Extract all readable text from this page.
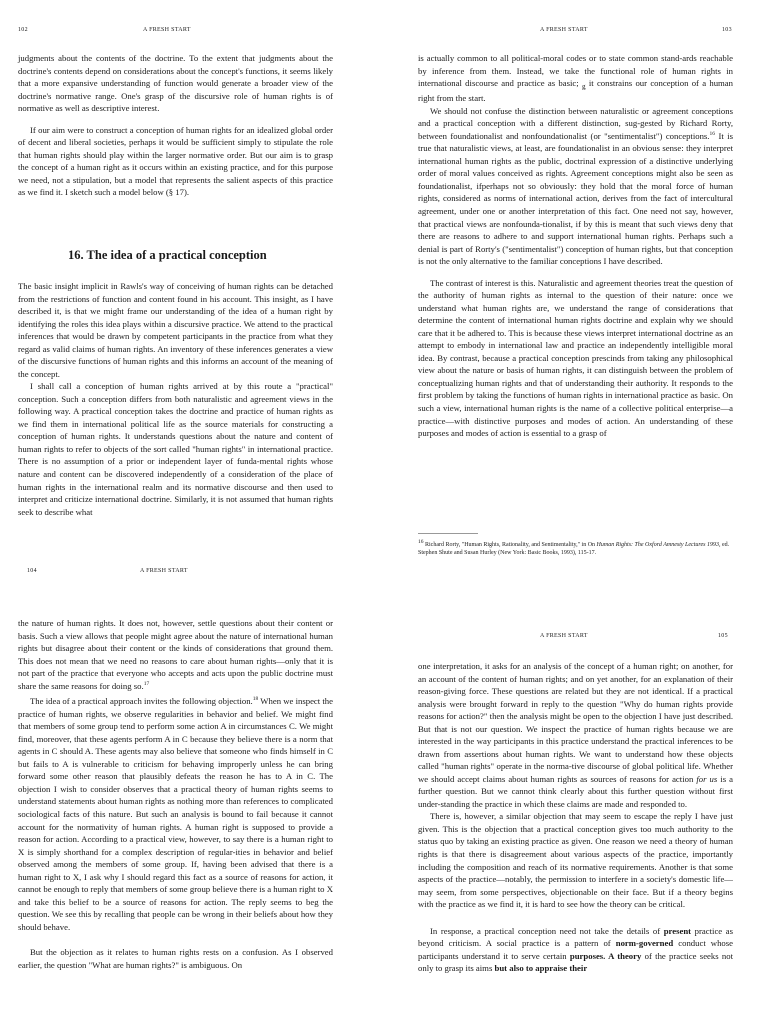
102	A FRESH START

judgments about the contents of the doctrine. To the extent that judgments about the doctrine's contents depend on considerations about the concept's functions, it seems likely that a more expansive understanding of function would generate a broader view of the doctrine's normative range. One's grasp of the discursive role of human rights is of normative as well as descriptive interest.

If our aim were to construct a conception of human rights for an idealized global order of decent and liberal societies, perhaps it would be sufficient simply to stipulate the role that human rights should play within the larger normative order. But our aim is to grasp the concept of a human right as it occurs within an existing practice, and for this purpose we need, not a stipulation, but a model that represents the salient aspects of this practice as we find it. I sketch such a model below (§ 17).

16. The idea of a practical conception

The basic insight implicit in Rawls's way of conceiving of human rights can be detached from the restrictions of function and content found in his account. This insight, as I have described it, is that we might frame our understanding of the idea of a human right by identifying the roles this idea plays within a discursive practice. We attend to the practical inferences that would be drawn by competent participants in the practice from what they regard as valid claims of human rights. An inventory of these inferences generates a view of the discursive functions of human rights and this informs an account of the meaning of the concept.

I shall call a conception of human rights arrived at by this route a "practical" conception. Such a conception differs from both naturalistic and agreement views in the following way. A practical conception takes the doctrine and practice of human rights as we find them in international political life as the source materials for constructing a conception of human rights. It understands questions about the nature and content of human rights to refer to objects of the sort called "human rights" in international practice. There is no assumption of a prior or independent layer of funda-mental rights whose nature and content can be discovered independently of a consideration of the place of human rights in the international realm and its normative discourse and then used to interpret and criticize international doctrine. Similarly, it is not assumed that human rights seek to describe what

A FRESH START	103

is actually common to all political-moral codes or to state common stand-ards reachable by inference from them. Instead, we take the functional role of human rights in international discourse and practice as basic; $_g$ it constrains our conception of a human right from the start.

We should not confuse the distinction between naturalistic or agreement conceptions and a practical conception with a different distinction, sug-gested by Richard Rorty, between foundationalist and nonfoundationalist (or "sentimentalist") conceptions.$^{16}$ It is true that naturalistic views, at least, are foundationalist in an obvious sense: they interpret international human rights as the public, doctrinal expression of a distinctive underlying order of moral values conceived as rights. Agreement conceptions might also be seen as foundationalist, ifperhaps not so obviously: they hold that the moral force of human rights, considered as norms of international action, derives from the fact of intercultural agreement, under one or another interpretation of this fact. One need not say, however, that practical views are nonfounda-tionalist, if by this is meant that such views deny that there are reasons to adhere to and support international human rights. Perhaps such a denial is part of Rorty's ("sentimentalist") conception of human rights, but that conception is not the only alternative to the familiar conceptions I have described.

The contrast of interest is this. Naturalistic and agreement theories treat the question of the authority of human rights as internal to the question of their nature: once we understand what human rights are, we understand the range of considerations that determine the content of international human rights doctrine and explain why we should care that it be adhered to. This is because these views interpret international doctrine as an attempt to embody in international law and practice an independently intelligible moral idea. By contrast, because a practical conception prescinds from taking any philosophical view about the nature or basis of human rights, it can distinguish between the problem of conceptualizing human rights and that of understanding their authority. It responds to the first problem by taking the functions of human rights in international practice as basic. On such a view, international human rights is the name of a collective political enterprise—a practice—with distinctive purposes and modes of action. An understanding of these purposes and modes of action is essential to a grasp of

$^{16}$ Richard Rorty, "Human Rights, Rationality, and Sentimentality," in On Human Rights: The Oxford Amnesty Lectures 1993, ed. Stephen Shute and Susan Hurley (New York: Basic Books, 1993), 115-17.
104	A FRESH START

the nature of human rights. It does not, however, settle questions about their content or basis. Such a view allows that people might agree about the nature of international human rights but disagree about their content or the kinds of considerations that ground them. This does not mean that we need no reasons to care about human rights—only that it is not part of the practice that everyone who accepts and acts upon the public doctrine must share the same reasons for doing so.$^{17}$

The idea of a practical approach invites the following objection.$^{18}$ When we inspect the practice of human rights, we observe regularities in behavior and belief. We might find that members of some group tend to perform some action A in circumstances C. We might find, moreover, that these agents perform A in C because they believe there is a norm that agents in C should A. These agents may also believe that someone who finds himself in C but fails to A is vulnerable to criticism for behaving improperly unless he can bring forward some other reason that plausibly defeats the reason he has to A in C. The objection I wish to consider observes that a practical theory of human rights seems to understand statements about human rights as nothing more than references to complicated sociological facts of this nature. But such an analysis is bound to fail because it cannot account for the normativity of human rights. A human right is supposed to provide a reason for action. According to a practical view, however, to say there is a human right to X is simply shorthand for a complex description of regular-ities in behavior and belief observed among the members of some group. If, having been advised that there is a human right to X, I ask why I should regard this fact as a source of reasons for action, it cannot be enough to reply that members of some group believe there is a human right to X and take this belief to be a source of reasons for action. The reply seems to beg the question. We see this by recalling that people can be wrong in their beliefs about how they should behave.

But the objection as it relates to human rights rests on a confusion. As I observed earlier, the question "What are human rights?" is ambiguous. On

A FRESH START	105

one interpretation, it asks for an analysis of the concept of a human right; on another, for an account of the content of human rights; and on yet another, for an explanation of their reason-giving force. These questions are related but they are not identical. If a practical analysis were brought forward in reply to the question "Why do human rights provide reasons for action?" then the analysis might be open to the objection I have just described. But that is not our question. We inspect the practice of human rights because we are interested in the way participants in this practice understand the practical inferences to be drawn from assertions about human rights. We want to understand how these objects called "human rights" operate in the norma-tive discourse of global political life. Whether we should accept claims about human rights as sources of reasons for action for us is a further question. But we cannot think clearly about this further question without first under-standing the practice in which these claims are made and responded to.

There is, however, a similar objection that may seem to escape the reply I have just given. This is the objection that a practical conception gives too much authority to the status quo by taking an existing practice as given. One reason we need a theory of human rights is that there is disagreement about various aspects of the practice, importantly including the composition and reach of its normative requirements. Another is that some aspects of the practice—notably, the permission to interfere in a society's domestic life— may seem, from some perspectives, objectionable on their face. But if a theory begins with the practice as we find it, it is hard to see how the theory can be critical.

In response, a practical conception need not take the details of present practice as beyond criticism. A social practice is a pattern of norm-governed conduct whose participants understand it to serve certain purposes. A theory of the practice seeks not only to grasp its aims but also to appraise their
